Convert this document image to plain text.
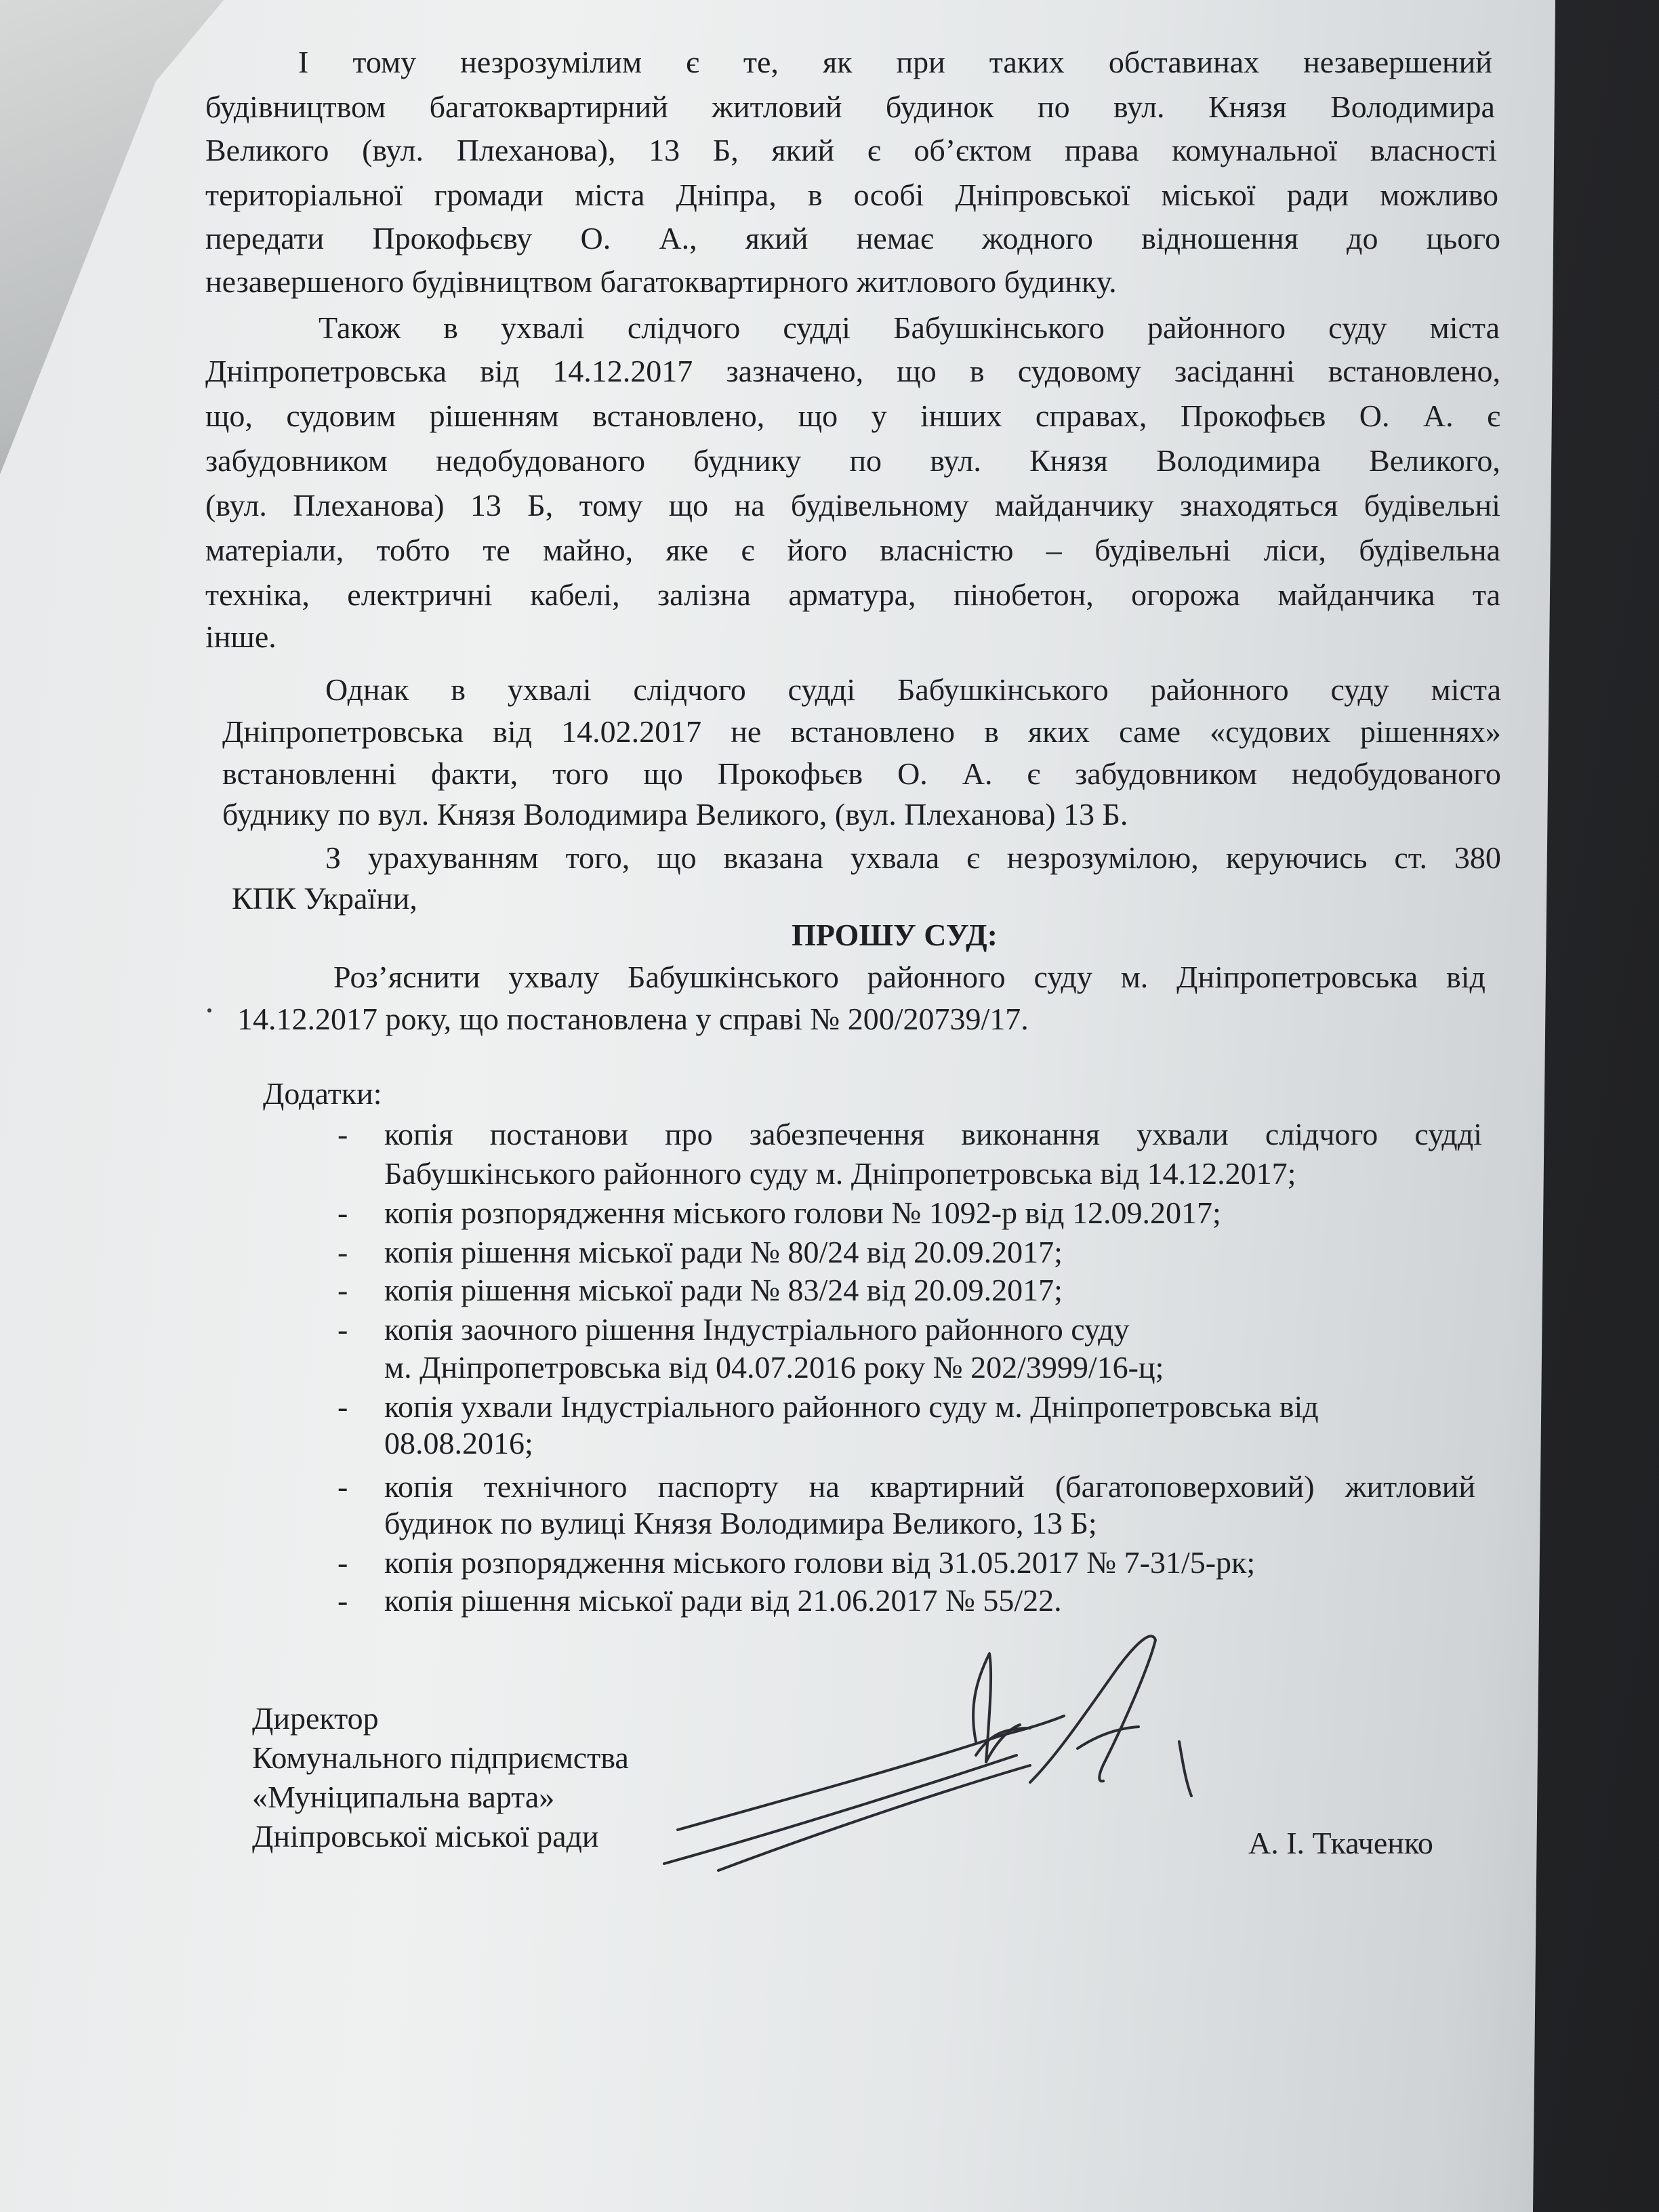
І тому незрозумілим є те, як при таких обставинах незавершений
будівництвом багатоквартирний житловий будинок по вул. Князя Володимира
Великого (вул. Плеханова), 13 Б, який є об’єктом права комунальної власності
територіальної громади міста Дніпра, в особі Дніпровської міської ради можливо
передати Прокофьєву О. А., який немає жодного відношення до цього
незавершеного будівництвом багатоквартирного житлового будинку.
Також в ухвалі слідчого судді Бабушкінського районного суду міста
Дніпропетровська від 14.12.2017 зазначено, що в судовому засіданні встановлено,
що, судовим рішенням встановлено, що у інших справах, Прокофьєв О. А. є
забудовником недобудованого буднику по вул. Князя Володимира Великого,
(вул. Плеханова) 13 Б, тому що на будівельному майданчику знаходяться будівельні
матеріали, тобто те майно, яке є його власністю – будівельні ліси, будівельна
техніка, електричні кабелі, залізна арматура, пінобетон, огорожа майданчика та
інше.
Однак в ухвалі слідчого судді Бабушкінського районного суду міста
Дніпропетровська від 14.02.2017 не встановлено в яких саме «судових рішеннях»
встановленні факти, того що Прокофьєв О. А. є забудовником недобудованого
буднику по вул. Князя Володимира Великого, (вул. Плеханова) 13 Б.
З урахуванням того, що вказана ухвала є незрозумілою, керуючись ст. 380
КПК України,
ПРОШУ СУД:
Роз’яснити ухвалу Бабушкінського районного суду м. Дніпропетровська від
14.12.2017 року, що постановлена у справі № 200/20739/17.
Додатки:
- копія постанови про забезпечення виконання ухвали слідчого судді
Бабушкінського районного суду м. Дніпропетровська від 14.12.2017;
- копія розпорядження міського голови № 1092-р від 12.09.2017;
- копія рішення міської ради № 80/24 від 20.09.2017;
- копія рішення міської ради № 83/24 від 20.09.2017;
- копія заочного рішення Індустріального районного суду
м. Дніпропетровська від 04.07.2016 року № 202/3999/16-ц;
- копія ухвали Індустріального районного суду м. Дніпропетровська від
08.08.2016;
- копія технічного паспорту на квартирний (багатоповерховий) житловий
будинок по вулиці Князя Володимира Великого, 13 Б;
- копія розпорядження міського голови від 31.05.2017 № 7-31/5-рк;
- копія рішення міської ради від 21.06.2017 № 55/22.
Директор
Комунального підприємства
«Муніципальна варта»
Дніпровської міської ради	А. І. Ткаченко
